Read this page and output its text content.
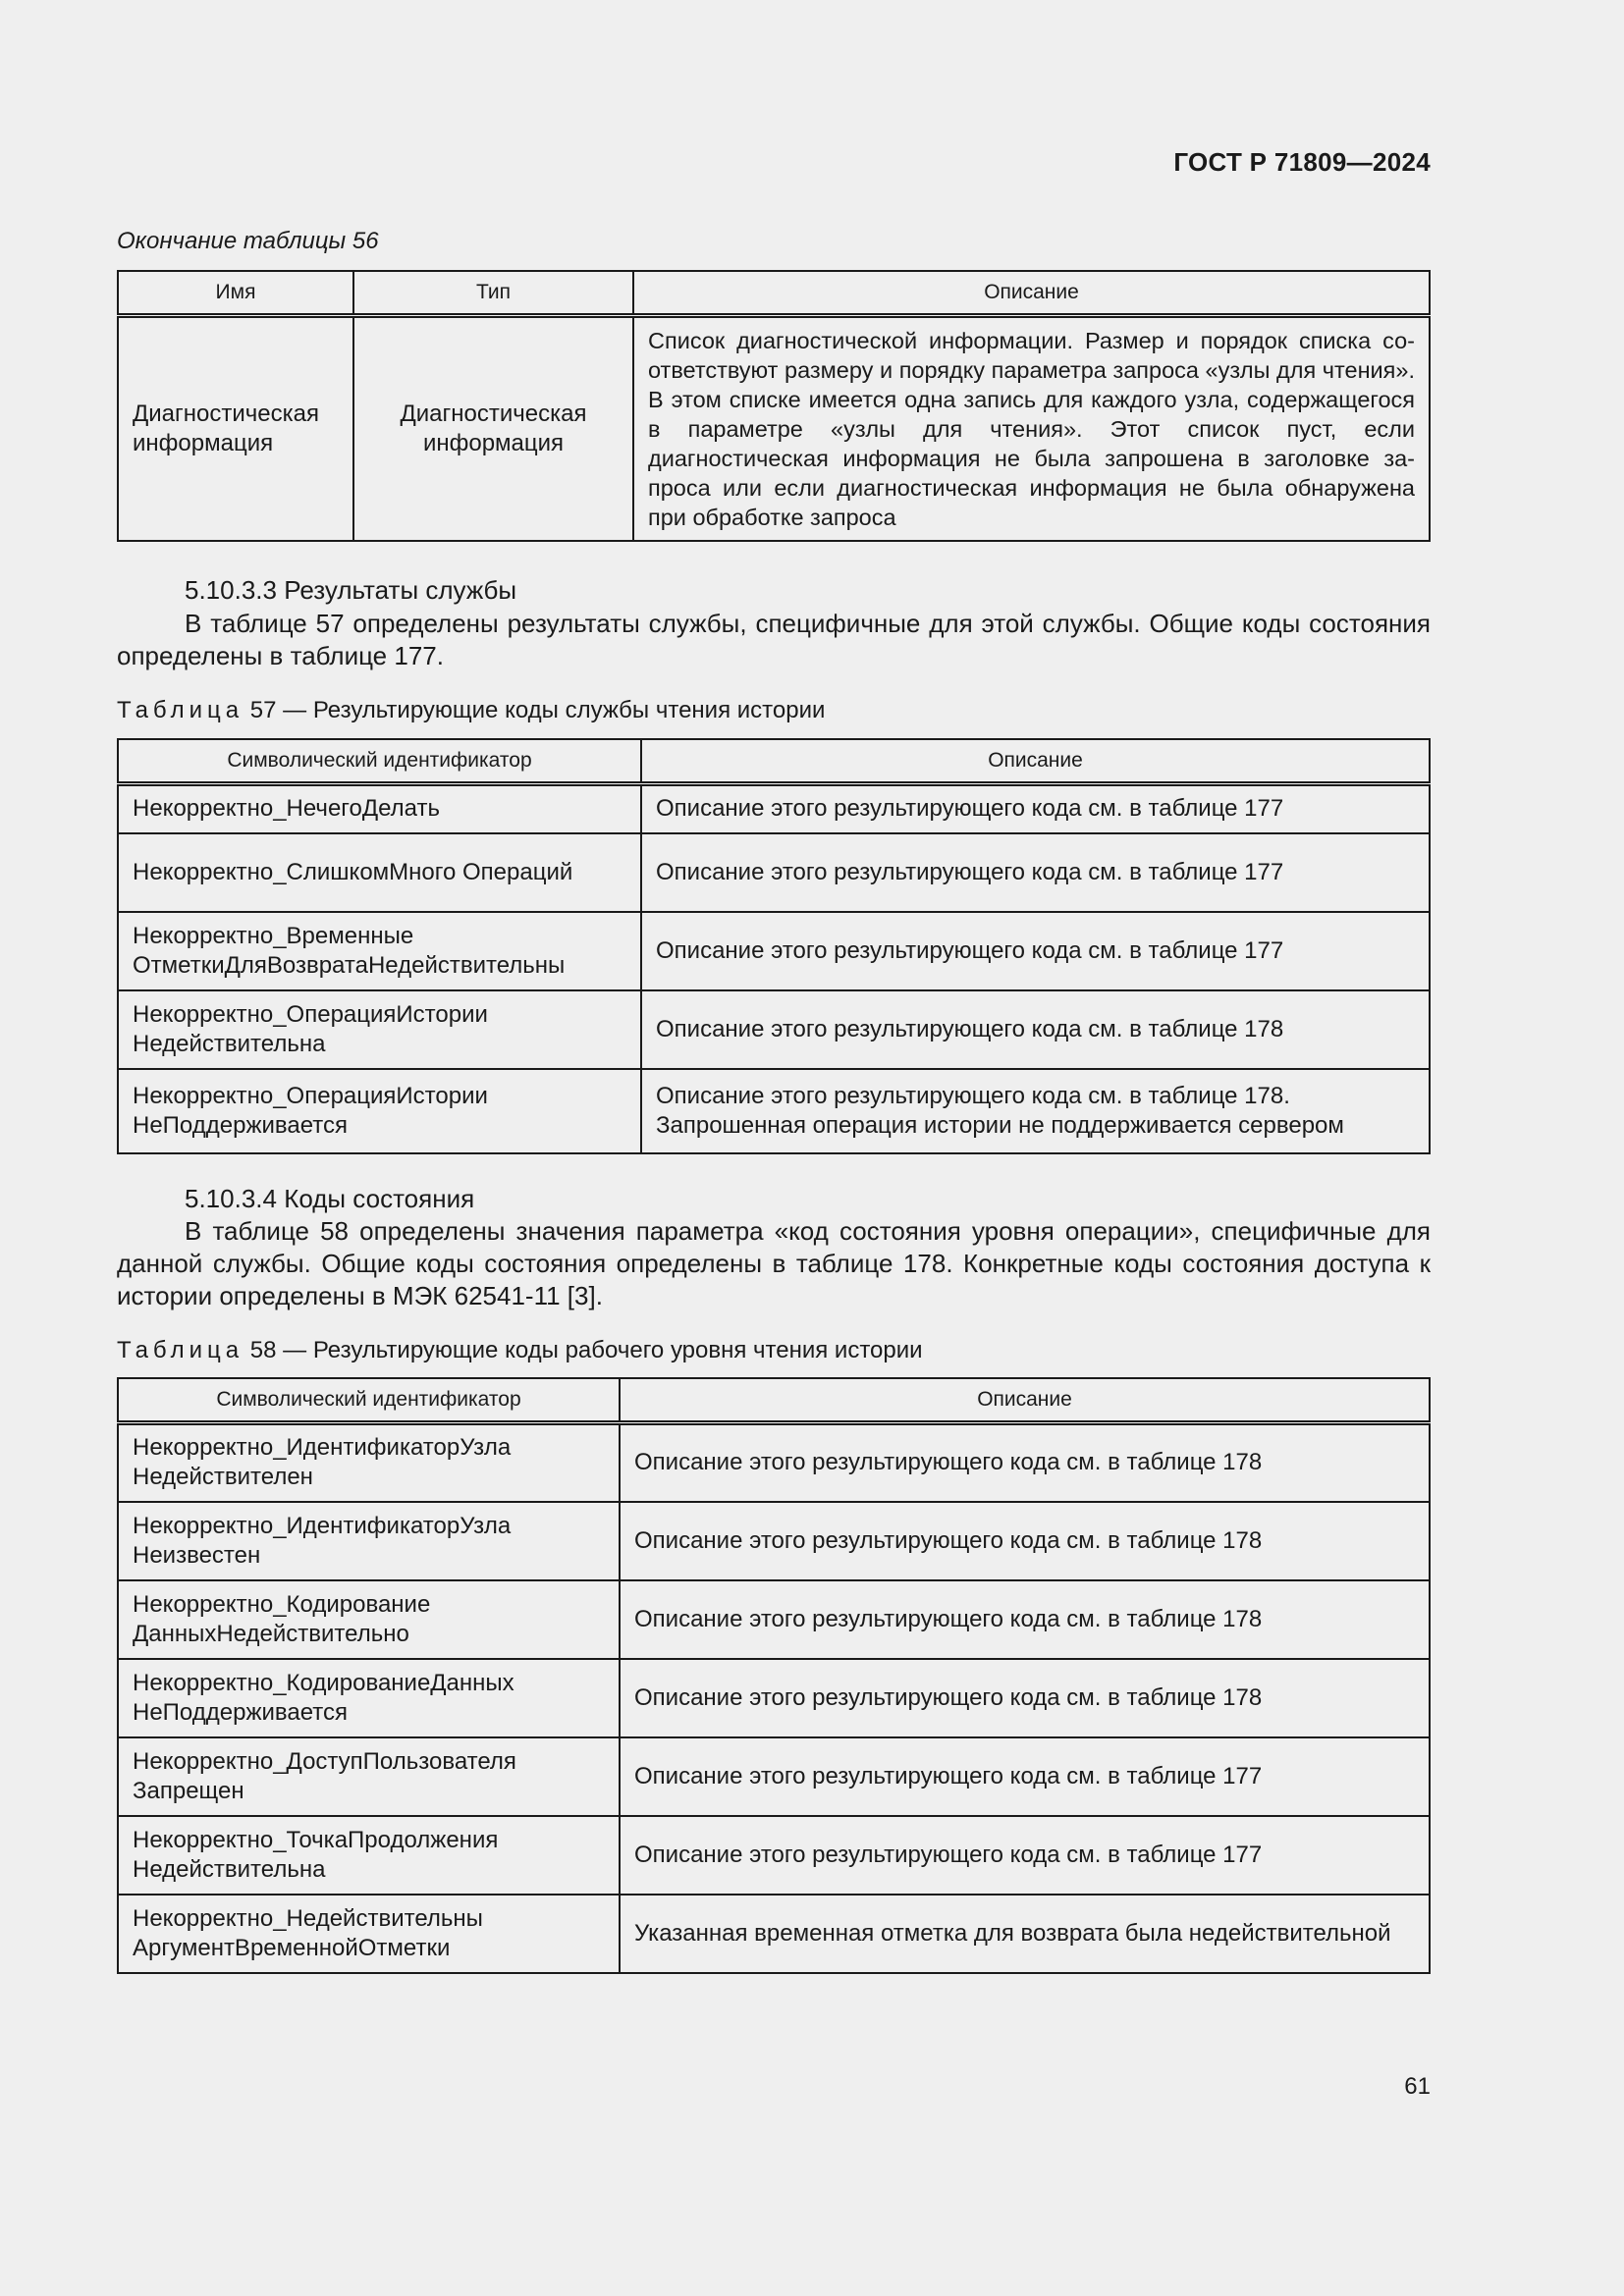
ГОСТ Р 71809—2024
Окончание таблицы 56
Имя	Тип	Описание
Диагностическая информация	Диагностическая информация	Список диагностической информации. Размер и порядок списка соответствуют размеру и порядку параметра запроса «узлы для чтения». В этом списке имеется одна запись для каждого узла, содержащегося в параметре «узлы для чтения». Этот список пуст, если диагностическая информация не была запрошена в заголовке запроса или если диагностическая информация не была обнаружена при обработке запроса
5.10.3.3 Результаты службы
В таблице 57 определены результаты службы, специфичные для этой службы. Общие коды состояния определены в таблице 177.
Таблица 57 — Результирующие коды службы чтения истории
Символический идентификатор	Описание
Некорректно_НечегоДелать	Описание этого результирующего кода см. в таблице 177
Некорректно_СлишкомМного Операций	Описание этого результирующего кода см. в таблице 177
Некорректно_Временные ОтметкиДляВозвратаНедействительны	Описание этого результирующего кода см. в таблице 177
Некорректно_ОперацияИстории Недействительна	Описание этого результирующего кода см. в таблице 178
Некорректно_ОперацияИстории НеПоддерживается	Описание этого результирующего кода см. в таблице 178. Запрошенная операция истории не поддерживается сервером
5.10.3.4 Коды состояния
В таблице 58 определены значения параметра «код состояния уровня операции», специфичные для данной службы. Общие коды состояния определены в таблице 178. Конкретные коды состояния доступа к истории определены в МЭК 62541-11 [3].
Таблица 58 — Результирующие коды рабочего уровня чтения истории
Символический идентификатор	Описание
Некорректно_ИдентификаторУзла Недействителен	Описание этого результирующего кода см. в таблице 178
Некорректно_ИдентификаторУзла Неизвестен	Описание этого результирующего кода см. в таблице 178
Некорректно_Кодирование ДанныхНедействительно	Описание этого результирующего кода см. в таблице 178
Некорректно_КодированиеДанных НеПоддерживается	Описание этого результирующего кода см. в таблице 178
Некорректно_ДоступПользователя Запрещен	Описание этого результирующего кода см. в таблице 177
Некорректно_ТочкаПродолжения Недействительна	Описание этого результирующего кода см. в таблице 177
Некорректно_Недействительны АргументВременнойОтметки	Указанная временная отметка для возврата была недействительной
61
